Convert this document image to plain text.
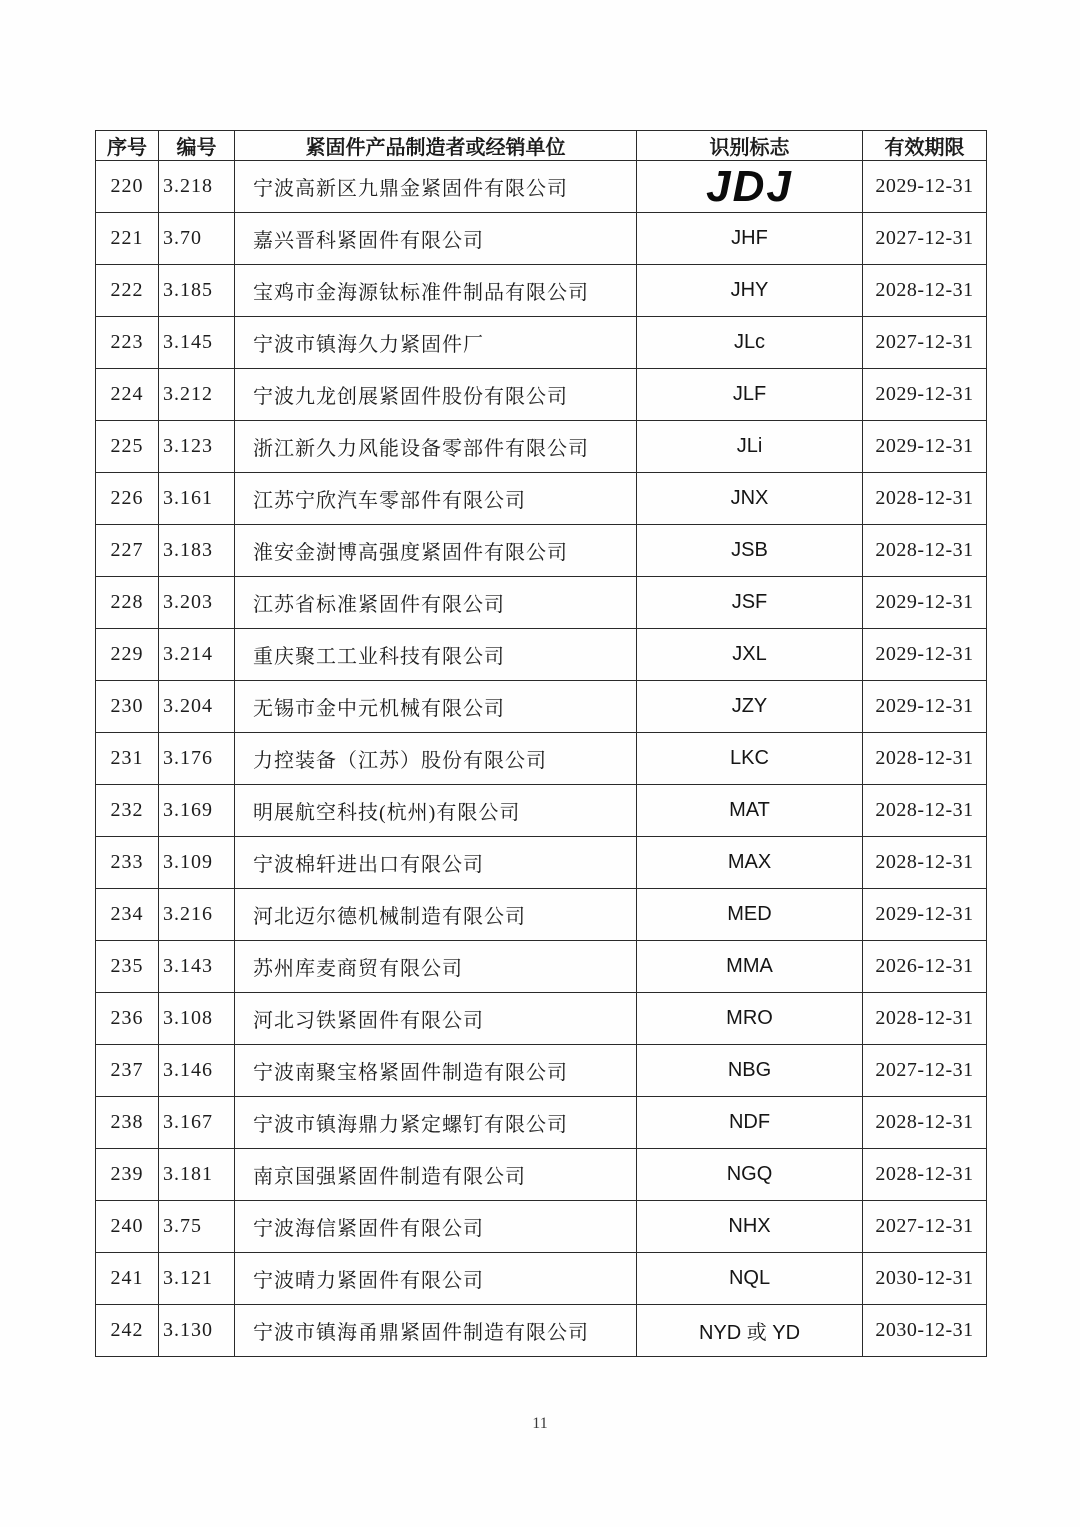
序号	编号	紧固件产品制造者或经销单位	识别标志	有效期限
220	3.218	宁波高新区九鼎金紧固件有限公司	JDJ	2029-12-31
221	3.70	嘉兴晋科紧固件有限公司	JHF	2027-12-31
222	3.185	宝鸡市金海源钛标准件制品有限公司	JHY	2028-12-31
223	3.145	宁波市镇海久力紧固件厂	JLc	2027-12-31
224	3.212	宁波九龙创展紧固件股份有限公司	JLF	2029-12-31
225	3.123	浙江新久力风能设备零部件有限公司	JLi	2029-12-31
226	3.161	江苏宁欣汽车零部件有限公司	JNX	2028-12-31
227	3.183	淮安金澍博高强度紧固件有限公司	JSB	2028-12-31
228	3.203	江苏省标准紧固件有限公司	JSF	2029-12-31
229	3.214	重庆聚工工业科技有限公司	JXL	2029-12-31
230	3.204	无锡市金中元机械有限公司	JZY	2029-12-31
231	3.176	力控装备（江苏）股份有限公司	LKC	2028-12-31
232	3.169	明展航空科技(杭州)有限公司	MAT	2028-12-31
233	3.109	宁波棉轩进出口有限公司	MAX	2028-12-31
234	3.216	河北迈尔德机械制造有限公司	MED	2029-12-31
235	3.143	苏州库麦商贸有限公司	MMA	2026-12-31
236	3.108	河北习铁紧固件有限公司	MRO	2028-12-31
237	3.146	宁波南聚宝格紧固件制造有限公司	NBG	2027-12-31
238	3.167	宁波市镇海鼎力紧定螺钉有限公司	NDF	2028-12-31
239	3.181	南京国强紧固件制造有限公司	NGQ	2028-12-31
240	3.75	宁波海信紧固件有限公司	NHX	2027-12-31
241	3.121	宁波晴力紧固件有限公司	NQL	2030-12-31
242	3.130	宁波市镇海甬鼎紧固件制造有限公司	NYD 或 YD	2030-12-31
11
